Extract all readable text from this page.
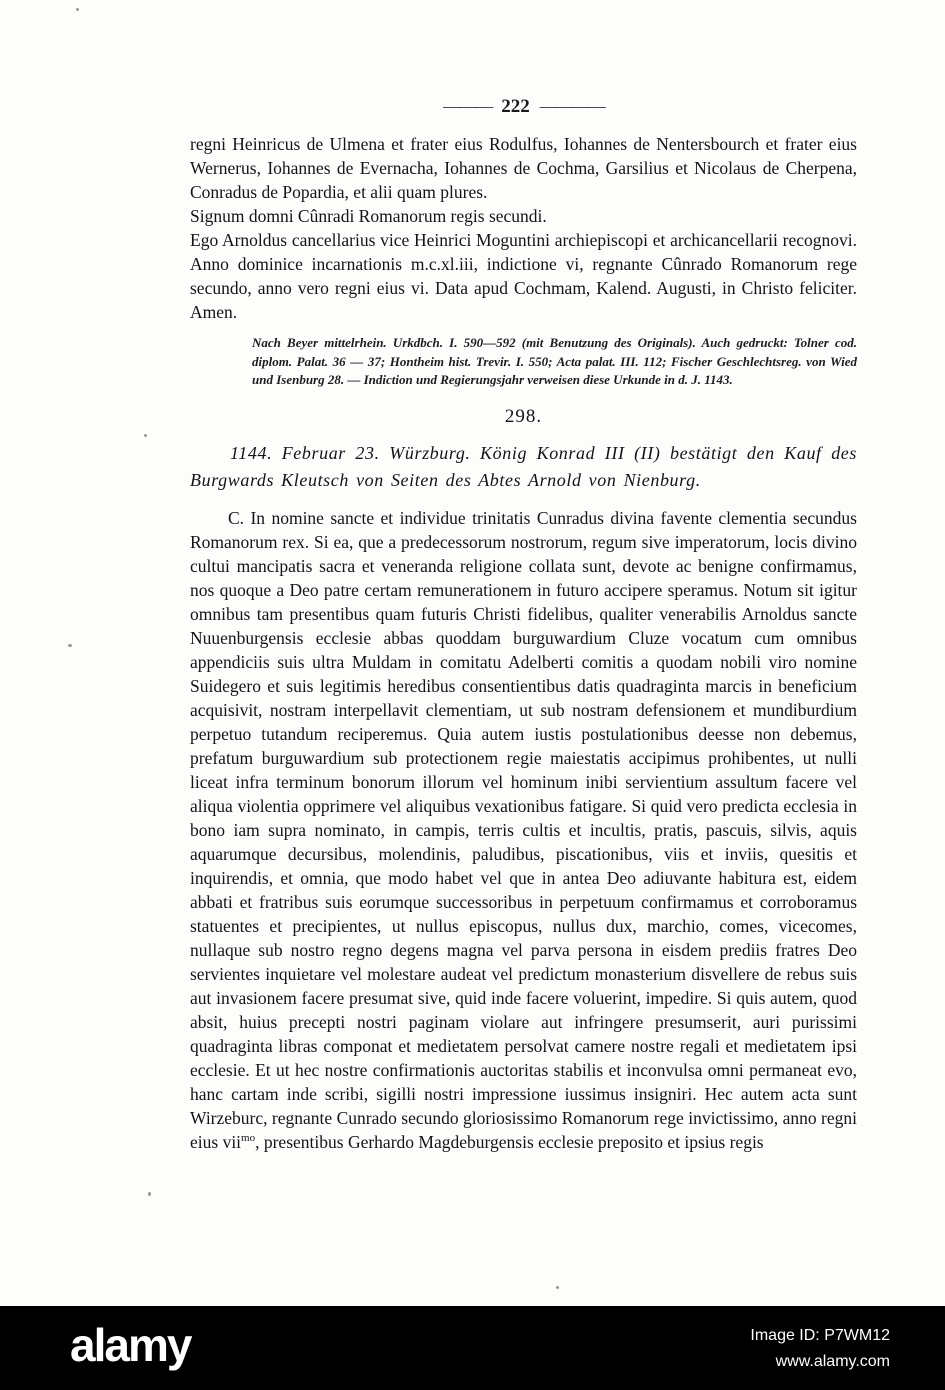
——— 222 ————

regni Heinricus de Ulmena et frater eius Rodulfus, Iohannes de Nentersbourch et frater eius Wernerus, Iohannes de Evernacha, Iohannes de Cochma, Garsilius et Nicolaus de Cherpena, Conradus de Popardia, et alii quam plures.

Signum domni Cûnradi Romanorum regis secundi.

Ego Arnoldus cancellarius vice Heinrici Moguntini archiepiscopi et archicancellarii recognovi. Anno dominice incarnationis m.c.xl.iii, indictione vi, regnante Cûnrado Romanorum rege secundo, anno vero regni eius vi. Data apud Cochmam, Kalend. Augusti, in Christo feliciter. Amen.

Nach Beyer mittelrhein. Urkdbch. I. 590—592 (mit Benutzung des Originals). Auch gedruckt: Tolner cod. diplom. Palat. 36 — 37; Hontheim hist. Trevir. I. 550; Acta palat. III. 112; Fischer Geschlechtsreg. von Wied und Isenburg 28. — Indiction und Regierungsjahr verweisen diese Urkunde in d. J. 1143.
298.
1144. Februar 23. Würzburg. König Konrad III (II) bestätigt den Kauf des Burgwards Kleutsch von Seiten des Abtes Arnold von Nienburg.
C. In nomine sancte et individue trinitatis Cunradus divina favente clementia secundus Romanorum rex. Si ea, que a predecessorum nostrorum, regum sive imperatorum, locis divino cultui mancipatis sacra et veneranda religione collata sunt, devote ac benigne confirmamus, nos quoque a Deo patre certam remunerationem in futuro accipere speramus. Notum sit igitur omnibus tam presentibus quam futuris Christi fidelibus, qualiter venerabilis Arnoldus sancte Nuuenburgensis ecclesie abbas quoddam burguwardium Cluze vocatum cum omnibus appendiciis suis ultra Muldam in comitatu Adelberti comitis a quodam nobili viro nomine Suidegero et suis legitimis heredibus consentientibus datis quadraginta marcis in beneficium acquisivit, nostram interpellavit clementiam, ut sub nostram defensionem et mundiburdium perpetuo tutandum reciperemus. Quia autem iustis postulationibus deesse non debemus, prefatum burguwardium sub protectionem regie maiestatis accipimus prohibentes, ut nulli liceat infra terminum bonorum illorum vel hominum inibi servientium assultum facere vel aliqua violentia opprimere vel aliquibus vexationibus fatigare. Si quid vero predicta ecclesia in bono iam supra nominato, in campis, terris cultis et incultis, pratis, pascuis, silvis, aquis aquarumque decursibus, molendinis, paludibus, piscationibus, viis et inviis, quesitis et inquirendis, et omnia, que modo habet vel que in antea Deo adiuvante habitura est, eidem abbati et fratribus suis eorumque successoribus in perpetuum confirmamus et corroboramus statuentes et precipientes, ut nullus episcopus, nullus dux, marchio, comes, vicecomes, nullaque sub nostro regno degens magna vel parva persona in eisdem prediis fratres Deo servientes inquietare vel molestare audeat vel predictum monasterium disvellere de rebus suis aut invasionem facere presumat sive, quid inde facere voluerint, impedire. Si quis autem, quod absit, huius precepti nostri paginam violare aut infringere presumserit, auri purissimi quadraginta libras componat et medietatem persolvat camere nostre regali et medietatem ipsi ecclesie. Et ut hec nostre confirmationis auctoritas stabilis et inconvulsa omni permaneat evo, hanc cartam inde scribi, sigilli nostri impressione iussimus insigniri. Hec autem acta sunt Wirzeburc, regnante Cunrado secundo gloriosissimo Romanorum rege invictissimo, anno regni eius vii$^{mo}$, presentibus Gerhardo Magdeburgensis ecclesie preposito et ipsius regis
alamy	Image ID: P7WM12
www.alamy.com
